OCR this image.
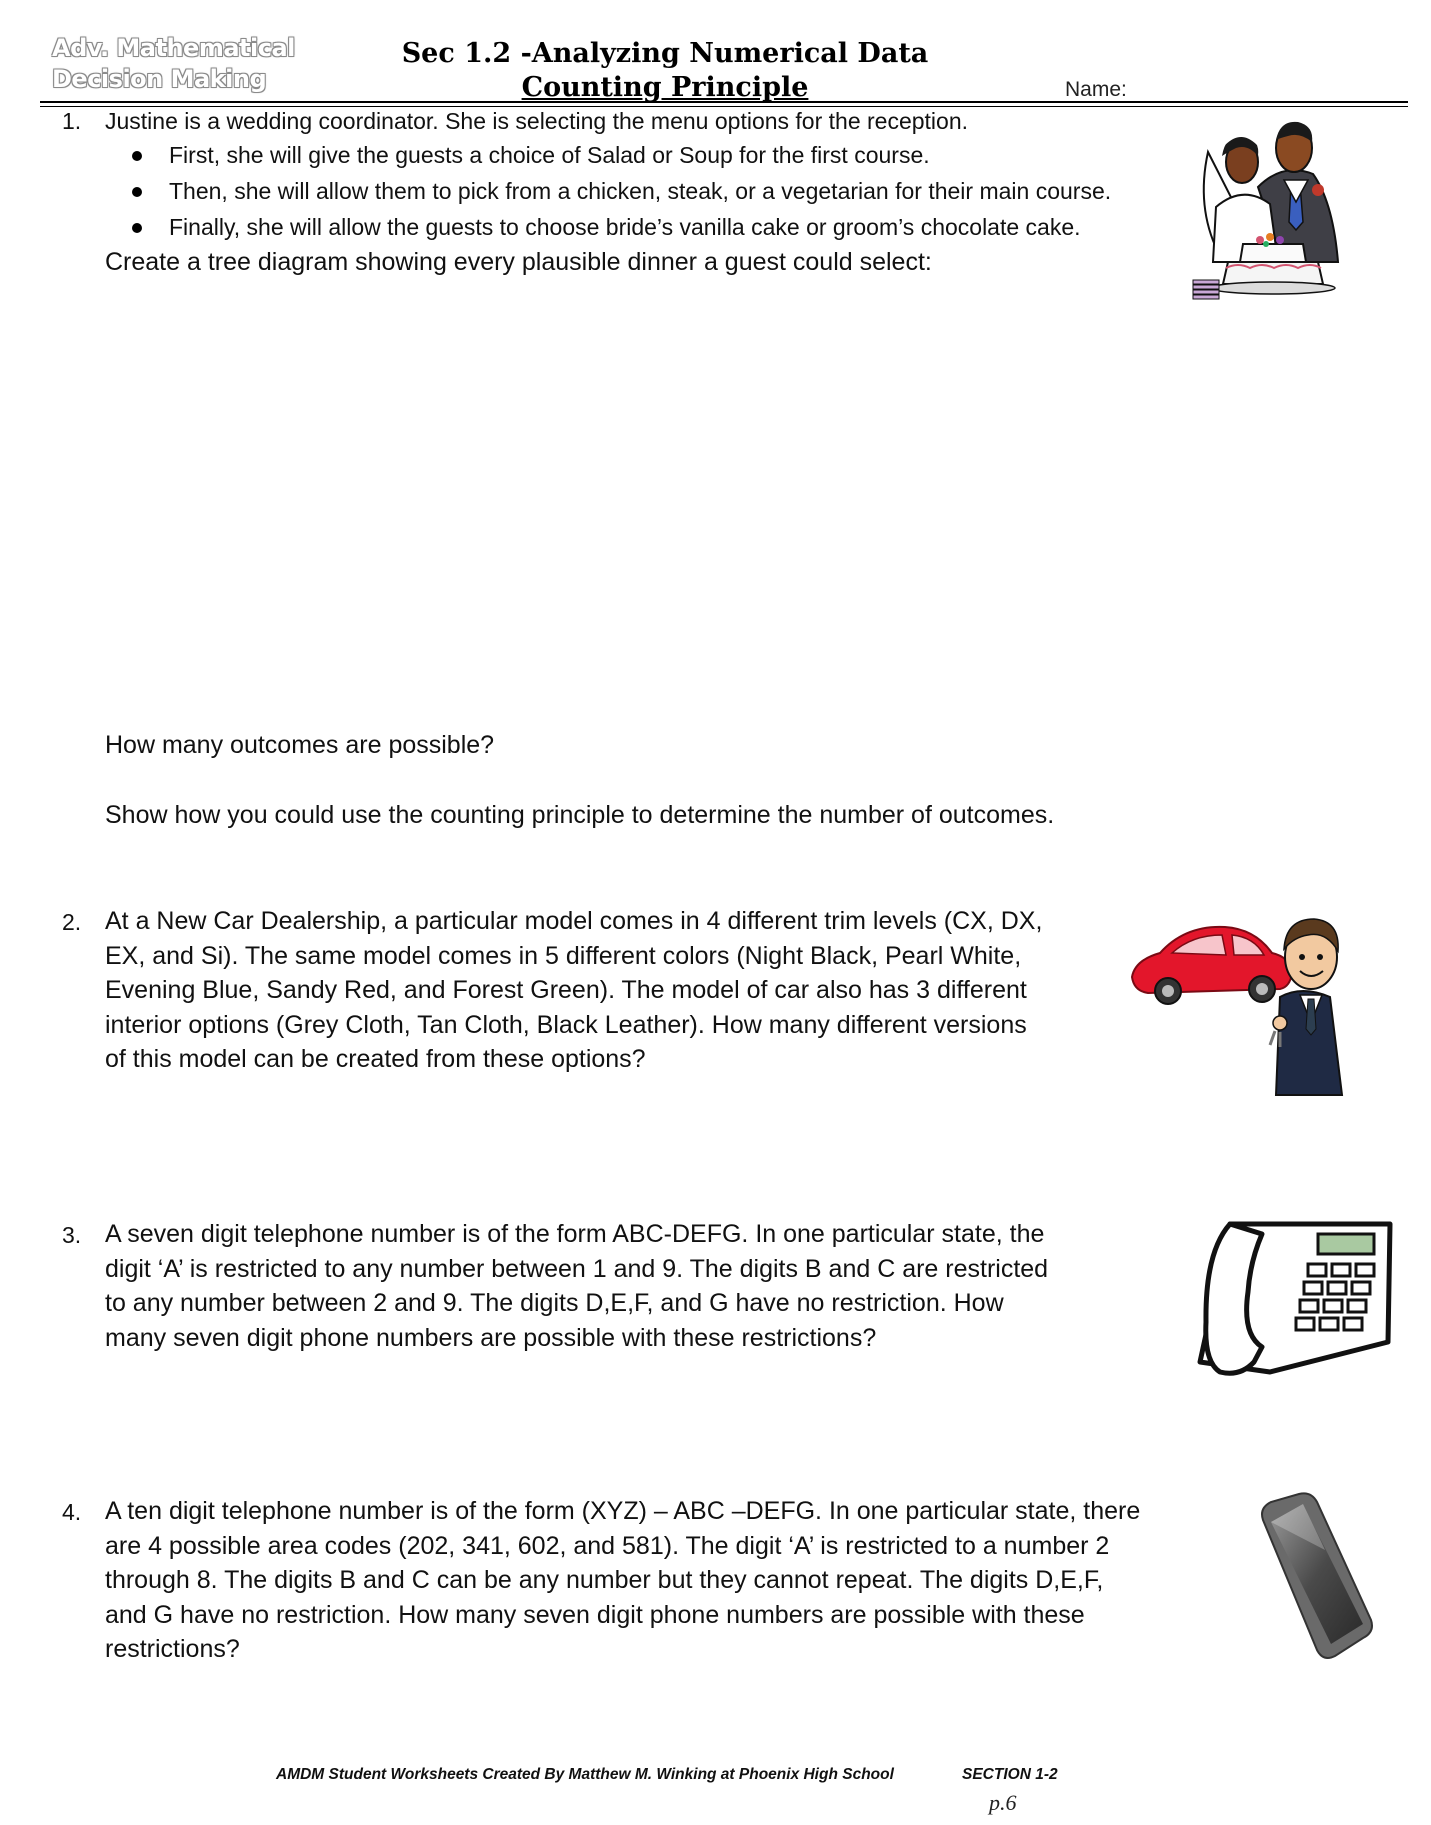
Adv. Mathematical
Decision Making
Sec 1.2 -Analyzing Numerical Data
Counting Principle	Name:
1. Justine is a wedding coordinator. She is selecting the menu options for the reception.
First, she will give the guests a choice of Salad or Soup for the first course.
Then, she will allow them to pick from a chicken, steak, or a vegetarian for their main course.
Finally, she will allow the guests to choose bride’s vanilla cake or groom’s chocolate cake.
Create a tree diagram showing every plausible dinner a guest could select:
How many outcomes are possible?
Show how you could use the counting principle to determine the number of outcomes.
2. At a New Car Dealership, a particular model comes in 4 different trim levels (CX, DX,
EX, and Si). The same model comes in 5 different colors (Night Black, Pearl White,
Evening Blue, Sandy Red, and Forest Green). The model of car also has 3 different
interior options (Grey Cloth, Tan Cloth, Black Leather). How many different versions
of this model can be created from these options?
3. A seven digit telephone number is of the form ABC-DEFG. In one particular state, the
digit ‘A’ is restricted to any number between 1 and 9. The digits B and C are restricted
to any number between 2 and 9. The digits D,E,F, and G have no restriction. How
many seven digit phone numbers are possible with these restrictions?
4. A ten digit telephone number is of the form (XYZ) – ABC –DEFG. In one particular state, there
are 4 possible area codes (202, 341, 602, and 581). The digit ‘A’ is restricted to a number 2
through 8. The digits B and C can be any number but they cannot repeat. The digits D,E,F,
and G have no restriction. How many seven digit phone numbers are possible with these
restrictions?
AMDM Student Worksheets Created By Matthew M. Winking at Phoenix High School	SECTION 1-2
p.6
